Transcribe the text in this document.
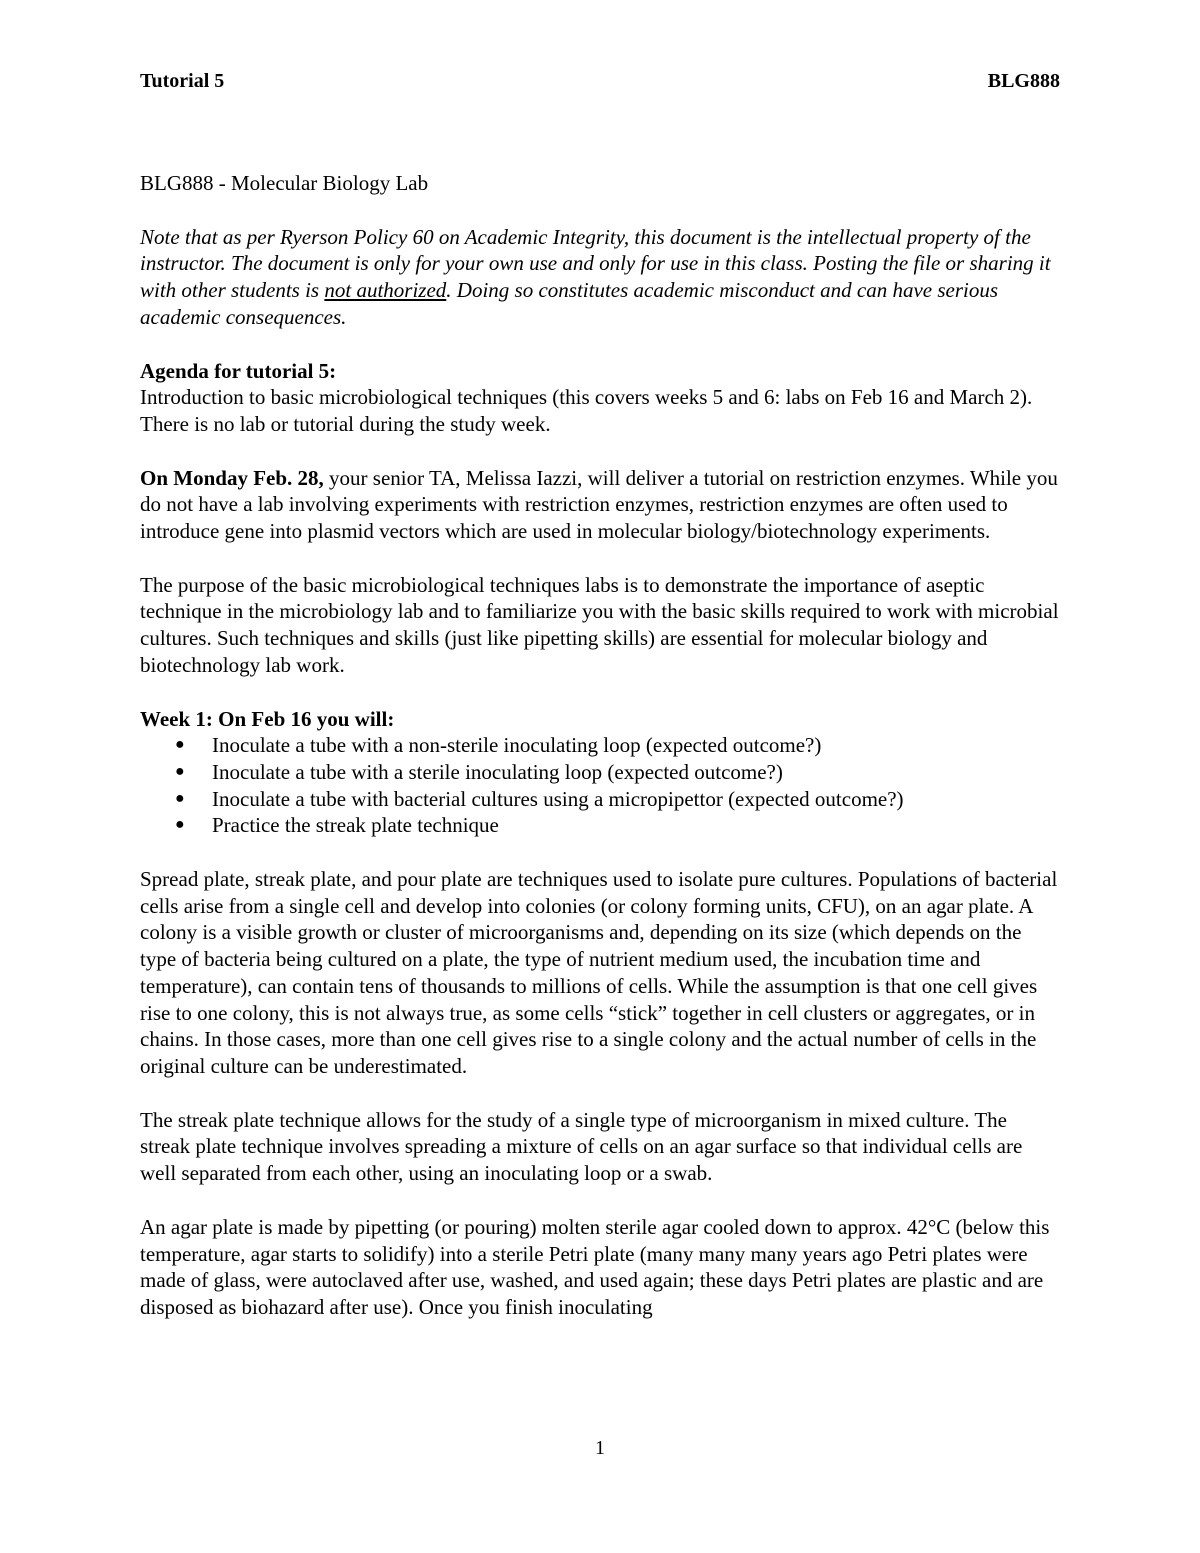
Tutorial 5	BLG888

BLG888 - Molecular Biology Lab

Note that as per Ryerson Policy 60 on Academic Integrity, this document is the intellectual property of the instructor. The document is only for your own use and only for use in this class. Posting the file or sharing it with other students is not authorized. Doing so constitutes academic misconduct and can have serious academic consequences.

Agenda for tutorial 5:

Introduction to basic microbiological techniques (this covers weeks 5 and 6: labs on Feb 16 and March 2). There is no lab or tutorial during the study week.

On Monday Feb. 28, your senior TA, Melissa Iazzi, will deliver a tutorial on restriction enzymes. While you do not have a lab involving experiments with restriction enzymes, restriction enzymes are often used to introduce gene into plasmid vectors which are used in molecular biology/biotechnology experiments.

The purpose of the basic microbiological techniques labs is to demonstrate the importance of aseptic technique in the microbiology lab and to familiarize you with the basic skills required to work with microbial cultures. Such techniques and skills (just like pipetting skills) are essential for molecular biology and biotechnology lab work.

Week 1: On Feb 16 you will:

● Inoculate a tube with a non-sterile inoculating loop (expected outcome?)
● Inoculate a tube with a sterile inoculating loop (expected outcome?)
● Inoculate a tube with bacterial cultures using a micropipettor (expected outcome?)
● Practice the streak plate technique

Spread plate, streak plate, and pour plate are techniques used to isolate pure cultures. Populations of bacterial cells arise from a single cell and develop into colonies (or colony forming units, CFU), on an agar plate. A colony is a visible growth or cluster of microorganisms and, depending on its size (which depends on the type of bacteria being cultured on a plate, the type of nutrient medium used, the incubation time and temperature), can contain tens of thousands to millions of cells. While the assumption is that one cell gives rise to one colony, this is not always true, as some cells “stick” together in cell clusters or aggregates, or in chains. In those cases, more than one cell gives rise to a single colony and the actual number of cells in the original culture can be underestimated.

The streak plate technique allows for the study of a single type of microorganism in mixed culture. The streak plate technique involves spreading a mixture of cells on an agar surface so that individual cells are well separated from each other, using an inoculating loop or a swab.

An agar plate is made by pipetting (or pouring) molten sterile agar cooled down to approx. 42°C (below this temperature, agar starts to solidify) into a sterile Petri plate (many many many years ago Petri plates were made of glass, were autoclaved after use, washed, and used again; these days Petri plates are plastic and are disposed as biohazard after use). Once you finish inoculating

1
